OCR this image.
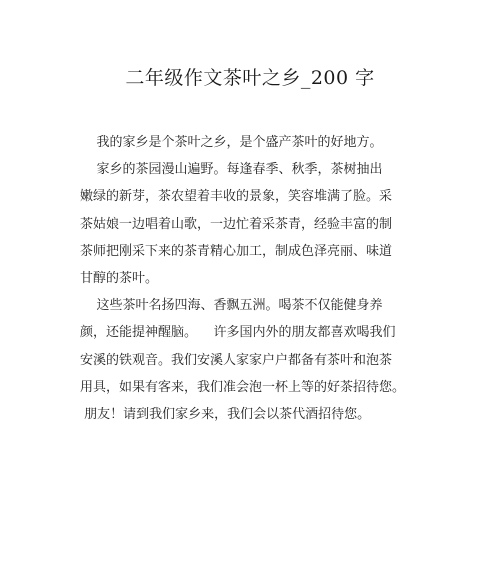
二年级作文茶叶之乡_200 字
我的家乡是个茶叶之乡，是个盛产茶叶的好地方。
家乡的茶园漫山遍野。每逢春季、秋季，茶树抽出
嫩绿的新芽，茶农望着丰收的景象，笑容堆满了脸。采
茶姑娘一边唱着山歌，一边忙着采茶青，经验丰富的制
茶师把刚采下来的茶青精心加工，制成色泽亮丽、味道
甘醇的茶叶。
这些茶叶名扬四海、香飘五洲。喝茶不仅能健身养
颜，还能提神醒脑。    许多国内外的朋友都喜欢喝我们
安溪的铁观音。我们安溪人家家户户都备有茶叶和泡茶
用具，如果有客来，我们准会泡一杯上等的好茶招待您。
朋友！请到我们家乡来，我们会以茶代酒招待您。
